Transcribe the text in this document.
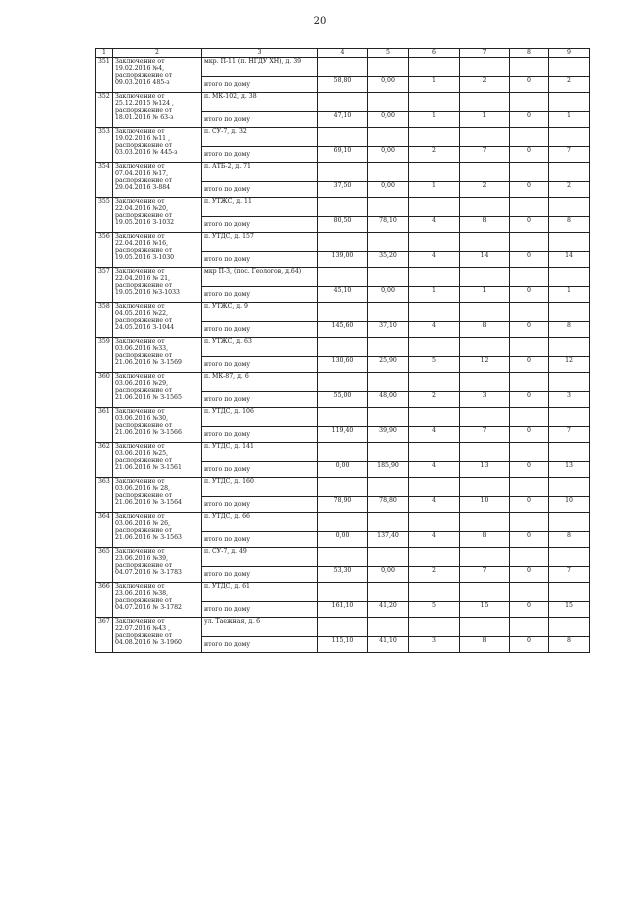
20
1	2	3	4	5	6	7	8	9
351	Заключение от 19.02.2016 №4, распоряжение от 09.03.2016 485-з	мкр. П-11 (п. НГДУ ХН), д. 39						
		итого по дому	58,80	0,00	1	2	0	2
352	Заключение от 25.12.2015 №124 , распоряжение от 18.01.2016 № 63-з	п. МК-102, д. 38						
		итого по дому	47,10	0,00	1	1	0	1
353	Заключение от 19.02.2016 №11 , распоряжение от 03.03.2016 № 445-з	п. СУ-7, д. 32						
		итого по дому	69,10	0,00	2	7	0	7
354	Заключение от 07.04.2016 №17, распоряжение от 29.04.2016 З-884	п. АТБ-2, д. 71						
		итого по дому	37,50	0,00	1	2	0	2
355	Заключение от 22.04.2016 №20, распоряжение от 19.05.2016 З-1032	п. УТЖС, д. 11						
		итого по дому	80,50	78,10	4	8	0	8
356	Заключение от 22.04.2016 №16, распоряжение от 19.05.2016 З-1030	п. УТДС, д. 157						
		итого по дому	139,00	35,20	4	14	0	14
357	Заключение от 22.04.2016 № 21, распоряжение от 19.05.2016 №З-1033	мкр П-3, (пос. Геологов, д.64)						
		итого по дому	45,10	0,00	1	1	0	1
358	Заключение от 04.05.2016 №22, распоряжение от 24.05.2016 З-1044	п. УТЖС, д. 9						
		итого по дому	145,60	37,10	4	8	0	8
359	Заключение от 03.06.2016 №33, распоряжение от 21.06.2016 № 3-1569	п. УТЖС, д. 63						
		итого по дому	130,60	25,90	5	12	0	12
360	Заключение от 03.06.2016 №29, распоряжение от 21.06.2016 № З-1565	п. МК-87, д. 6						
		итого по дому	55,00	48,00	2	3	0	3
361	Заключение от 03.06.2016 №30, распоряжение от 21.06.2016 № З-1566	п. УТДС, д. 106						
		итого по дому	119,40	39,90	4	7	0	7
362	Заключение от 03.06.2016 №25, распоряжение от 21.06.2016 № З-1561	п. УТДС, д. 141						
		итого по дому	0,00	185,90	4	13	0	13
363	Заключение от 03.06.2016 № 28, распоряжение от 21.06.2016 № 3-1564	п. УТДС, д. 160						
		итого по дому	78,90	78,80	4	10	0	10
364	Заключение от 03.06.2016 № 26, распоряжение от 21.06.2016 № 3-1563	п. УТДС, д. 66						
		итого по дому	0,00	137,40	4	8	0	8
365	Заключение от 23.06.2016 №39, распоряжение от 04.07.2016 № 3-1783	п. СУ-7, д. 49						
		итого по дому	53,30	0,00	2	7	0	7
366	Заключение от 23.06.2016 №38, распоряжение от 04.07.2016 № 3-1782	п. УТДС, д. 61						
		итого по дому	161,10	41,20	5	15	0	15
367	Заключение от 22.07.2016 №43 , распоряжение от 04.08.2016 № 3-1960	ул. Таежная, д. 6						
		итого по дому	115,10	41,10	3	8	0	8
